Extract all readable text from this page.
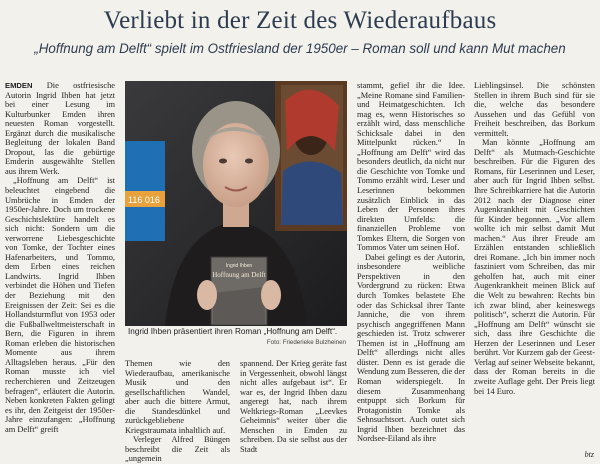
Verliebt in der Zeit des Wiederaufbaus
„Hoffnung am Delft“ spielt im Ostfriesland der 1950er – Roman soll und kann Mut machen

EMDEN Die ostfriesische Autorin Ingrid Ihben hat jetzt bei einer Lesung im Kulturbunker Emden ihren neuesten Roman vorgestellt. Ergänzt durch die musikalische Begleitung der lokalen Band Dropout, las die gebürtige Emderin ausgewählte Stellen aus ihrem Werk.

„Hoffnung am Delft“ ist beleuchtet eingebend die Umbrüche in Emden der 1950er-Jahre. Doch um trockene Geschichtslektüre handelt es sich nicht: Sondern um die verworrene Liebesgeschichte von Tomke, der Tochter eines Hafenarbeiters, und Tommo, dem Erben eines reichen Landwirts. Ingrid Ihben verbindet die Höhen und Tiefen der Beziehung mit den Ereignissen der Zeit: Sei es die Hollandsturmflut von 1953 oder die Fußballweltmeisterschaft in Bern, die Figuren in ihrem Roman erleben die historischen Momente aus ihrem Alltagsleben heraus. „Für den Roman musste ich viel recherchieren und Zeitzeugen befragen“, erläutert die Autorin. Neben konkreten Fakten gelingt es ihr, den Zeitgeist der 1950er-Jahre einzufangen: „Hoffnung am Delft“ greift

116 016
Hoffnung am Delft
Ingrid Ihben
Ingrid Ihben präsentiert ihren Roman „Hoffnung am Delft“.
Foto: Friederieke Bulzheinen

Themen wie den Wiederaufbau, amerikanische Musik und den gesellschaftlichen Wandel, aber auch die bittere Armut, die Standesdünkel und zurückgebliebene Kriegstraumata inhaltlich auf.

Verleger Alfred Büngen beschreibt die Zeit als „ungemein

spannend. Der Krieg geräte fast in Vergessenheit, obwohl längst nicht alles aufgebaut ist“. Er war es, der Ingrid Ihben dazu angeregt hat, nach ihrem Weltkriegs-Roman „Leevkes Geheimnis“ weiter über die Menschen in Emden zu schreiben. Da sie selbst aus der Stadt

stammt, gefiel ihr die Idee. „Meine Romane sind Familien- und Heimatgeschichten. Ich mag es, wenn Historisches so erzählt wird, dass menschliche Schicksale dabei in den Mittelpunkt rücken.“ In „Hoffnung am Delft“ wird das besonders deutlich, da nicht nur die Geschichte von Tomke und Tommo erzählt wird. Leser und Leserinnen bekommen zusätzlich Einblick in das Leben der Personen ihres direkten Umfelds: die finanziellen Probleme von Tomkes Eltern, die Sorgen von Tommos Vater um seinen Hof.

Dabei gelingt es der Autorin, insbesondere weibliche Perspektiven in den Vordergrund zu rücken: Etwa durch Tomkes belastete Ehe oder das Schicksal ihrer Tante Janniche, die von ihrem psychisch angegriffenen Mann geschieden ist. Trotz schwerer Themen ist in „Hoffnung am Delft“ allerdings nicht alles düster. Denn es ist gerade die Wendung zum Besseren, die der Roman widerspiegelt. In diesem Zusammenhang entpuppt sich Borkum für Protagonistin Tomke als Sehnsuchtsort. Auch outet sich Ingrid Ihben bezeichnet das Nordsee-Eiland als ihre

Lieblingsinsel. Die schönsten Stellen in ihrem Buch sind für sie die, welche das besondere Aussehen und das Gefühl von Freiheit beschreiben, das Borkum vermittelt.

Man könnte „Hoffnung am Delft“ als Mutmach-Geschichte beschreiben. Für die Figuren des Romans, für Leserinnen und Leser, aber auch für Ingrid Ihben selbst. Ihre Schreibkarriere hat die Autorin 2012 nach der Diagnose einer Augenkrankheit mit Geschichten für Kinder begonnen. „Vor allem wollte ich mir selbst damit Mut machen.“ Aus ihrer Freude am Erzählen entstanden schließlich drei Romane. „Ich bin immer noch fasziniert vom Schreiben, das mir geholfen hat, auch mit einer Augenkrankheit meinen Blick auf die Welt zu bewahren: Rechts bin ich zwar blind, aber keineswegs politisch“, scherzt die Autorin. Für „Hoffnung am Delft“ wünscht sie sich, dass ihre Geschichte die Herzen der Leserinnen und Leser berührt. Vor Kurzem gab der Geest-Verlag auf seiner Webseite bekannt, dass der Roman bereits in die zweite Auflage geht. Der Preis liegt bei 14 Euro.

btz
